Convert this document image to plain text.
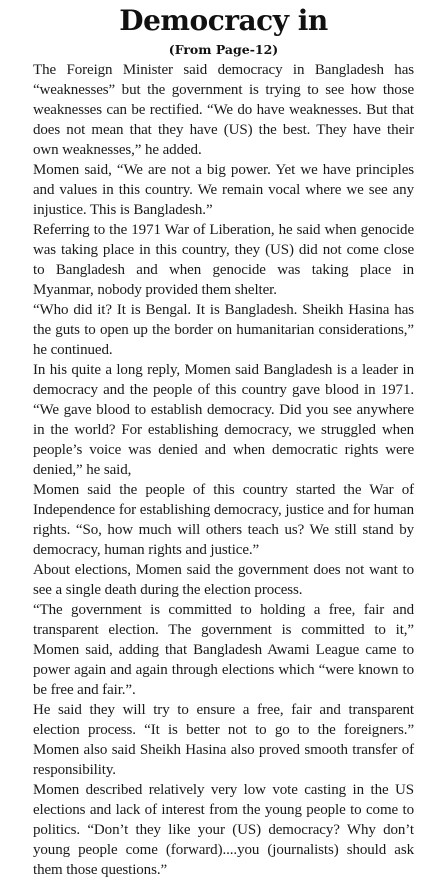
Democracy in

(From Page-12)

The Foreign Minister said democracy in Bangladesh has “weaknesses” but the government is trying to see how those weaknesses can be rectified. “We do have weaknesses. But that does not mean that they have (US) the best. They have their own weaknesses,” he added.

Momen said, “We are not a big power. Yet we have principles and values in this country. We remain vocal where we see any injustice. This is Bangladesh.”

Referring to the 1971 War of Liberation, he said when genocide was taking place in this country, they (US) did not come close to Bangladesh and when genocide was taking place in Myanmar, nobody provided them shelter.

“Who did it? It is Bengal. It is Bangladesh. Sheikh Hasina has the guts to open up the border on humanitarian considerations,” he continued.

In his quite a long reply, Momen said Bangladesh is a leader in democracy and the people of this country gave blood in 1971. “We gave blood to establish democracy. Did you see anywhere in the world? For establishing democracy, we struggled when people’s voice was denied and when democratic rights were denied,” he said,

Momen said the people of this country started the War of Independence for establishing democracy, justice and for human rights. “So, how much will others teach us? We still stand by democracy, human rights and justice.”

About elections, Momen said the government does not want to see a single death during the election process.

“The government is committed to holding a free, fair and transparent election. The government is committed to it,” Momen said, adding that Bangladesh Awami League came to power again and again through elections which “were known to be free and fair.”.

He said they will try to ensure a free, fair and transparent election process. “It is better not to go to the foreigners.” Momen also said Sheikh Hasina also proved smooth transfer of responsibility.

Momen described relatively very low vote casting in the US elections and lack of interest from the young people to come to politics. “Don’t they like your (US) democracy? Why don’t young people come (forward)....you (journalists) should ask them those questions.”
